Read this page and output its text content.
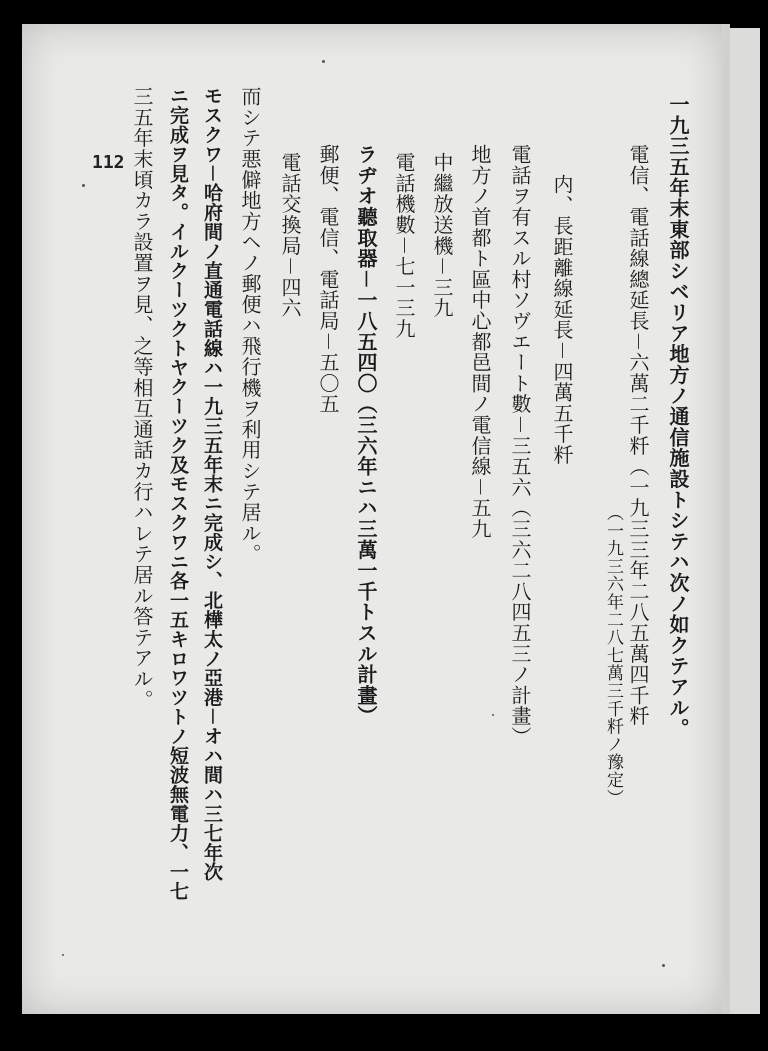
112	一九三五年末東部シベリア地方ノ通信施設トシテハ次ノ如クテアル。
電信、電話線總延長－六萬二千粁（一九三三年二八五萬四千粁
（一九三六年二八七萬三千粁ノ豫定）
内、長距離線延長－四萬五千粁
電話ヲ有スル村ソヴエート數－三五六（三六二八四五三ノ計畫）
地方ノ首都ト區中心都邑間ノ電信線－五九
中繼放送機－三九
電話機數－七一三九
ラヂオ聽取器－一八五四〇（三六年ニハ三萬一千トスル計畫）
郵便、電信、電話局－五〇五
電話交換局－四六
而シテ悪僻地方ヘノ郵便ハ飛行機ヲ利用シテ居ル。
モスクワ－哈府間ノ直通電話線ハ一九三五年末ニ完成シ、北樺太ノ亞港－オハ間ハ三七年次
ニ完成ヲ見タ。イルクーツクトヤクーツク及モスクワニ各一五キロワツトノ短波無電力、一七
三五年末頃カラ設置ヲ見、之等相互通話カ行ハレテ居ル答テアル。
